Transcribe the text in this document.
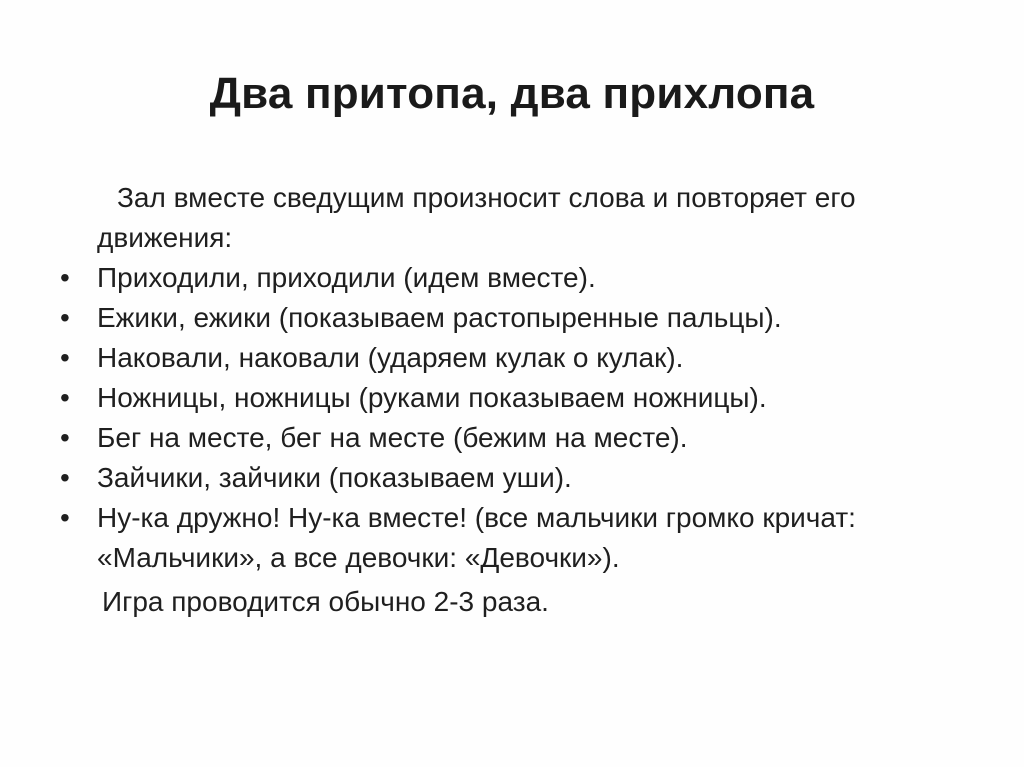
Два притопа, два прихлопа

Зал вместе сведущим произносит слова и повторяет его движения:

• Приходили, приходили (идем вместе).
• Ежики, ежики (показываем растопыренные пальцы).
• Наковали, наковали (ударяем кулак о кулак).
• Ножницы, ножницы (руками показываем ножницы).
• Бег на месте, бег на месте (бежим на месте).
• Зайчики, зайчики (показываем уши).
• Ну-ка дружно! Ну-ка вместе! (все мальчики громко кричат: «Мальчики», а все девочки: «Девочки»).

Игра проводится обычно 2-3 раза.
